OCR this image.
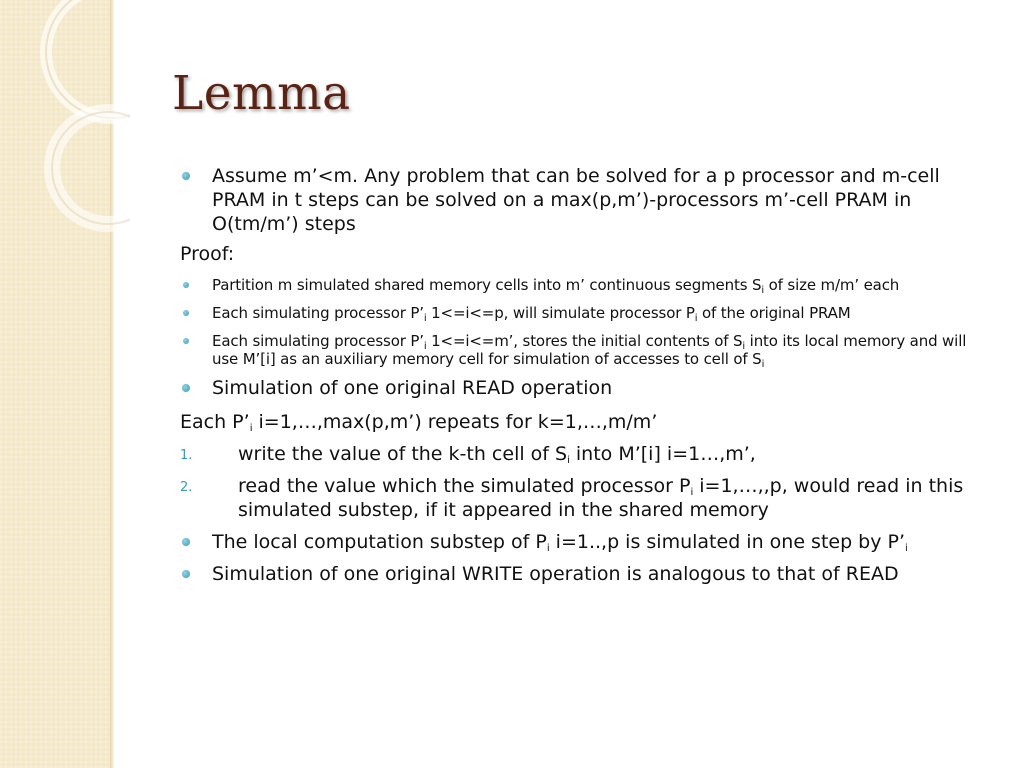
Lemma
Assume m’<m. Any problem that can be solved for a p processor and m-cell PRAM in t steps can be solved on a max(p,m’)-processors m’-cell PRAM in O(tm/m’) steps
Proof:
Partition m simulated shared memory cells into m’ continuous segments $S_i$ of size m/m’ each
Each simulating processor $P’_i$ 1<=i<=p, will simulate processor $P_i$ of the original PRAM
Each simulating processor $P’_i$ 1<=i<=m’, stores the initial contents of $S_i$ into its local memory and will use M’[i] as an auxiliary memory cell for simulation of accesses to cell of $S_i$
Simulation of one original READ operation
Each $P’_i$ i=1,…,max(p,m’) repeats for k=1,…,m/m’
1. write the value of the k-th cell of $S_i$ into M’[i] i=1…,m’,
2. read the value which the simulated processor $P_i$ i=1,…,,p, would read in this simulated substep, if it appeared in the shared memory
The local computation substep of $P_i$ i=1..,p is simulated in one step by $P’_i$
Simulation of one original WRITE operation is analogous to that of READ
